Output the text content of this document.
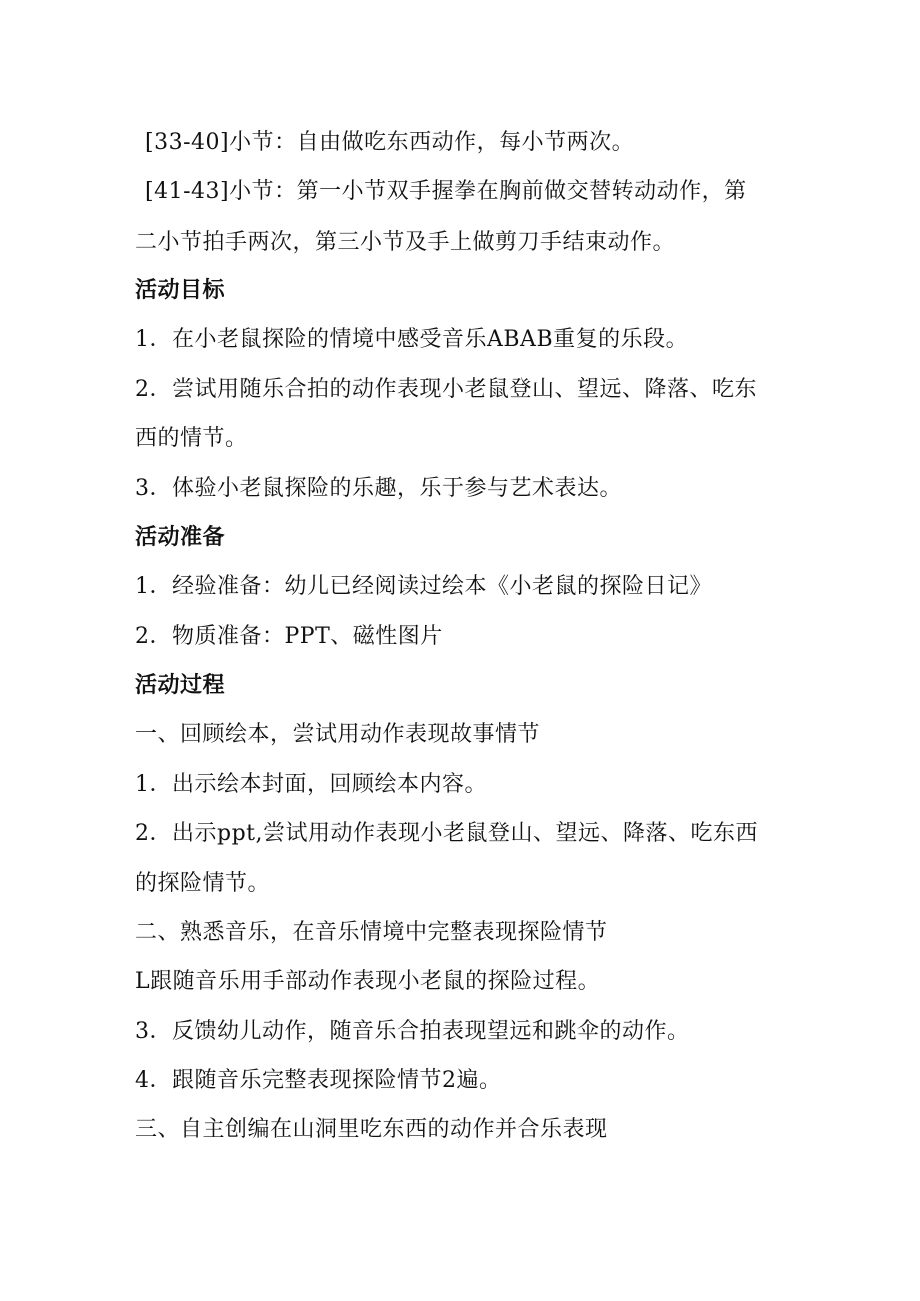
[33-40]小节：自由做吃东西动作，每小节两次。
[41-43]小节：第一小节双手握拳在胸前做交替转动动作，第
二小节拍手两次，第三小节及手上做剪刀手结束动作。
活动目标
1．在小老鼠探险的情境中感受音乐ABAB重复的乐段。
2．尝试用随乐合拍的动作表现小老鼠登山、望远、降落、吃东
西的情节。
3．体验小老鼠探险的乐趣，乐于参与艺术表达。
活动准备
1．经验准备：幼儿已经阅读过绘本《小老鼠的探险日记》
2．物质准备：PPT、磁性图片
活动过程
一、回顾绘本，尝试用动作表现故事情节
1．出示绘本封面，回顾绘本内容。
2．出示ppt,尝试用动作表现小老鼠登山、望远、降落、吃东西
的探险情节。
二、熟悉音乐，在音乐情境中完整表现探险情节
L跟随音乐用手部动作表现小老鼠的探险过程。
3．反馈幼儿动作，随音乐合拍表现望远和跳伞的动作。
4．跟随音乐完整表现探险情节2遍。
三、自主创编在山洞里吃东西的动作并合乐表现
